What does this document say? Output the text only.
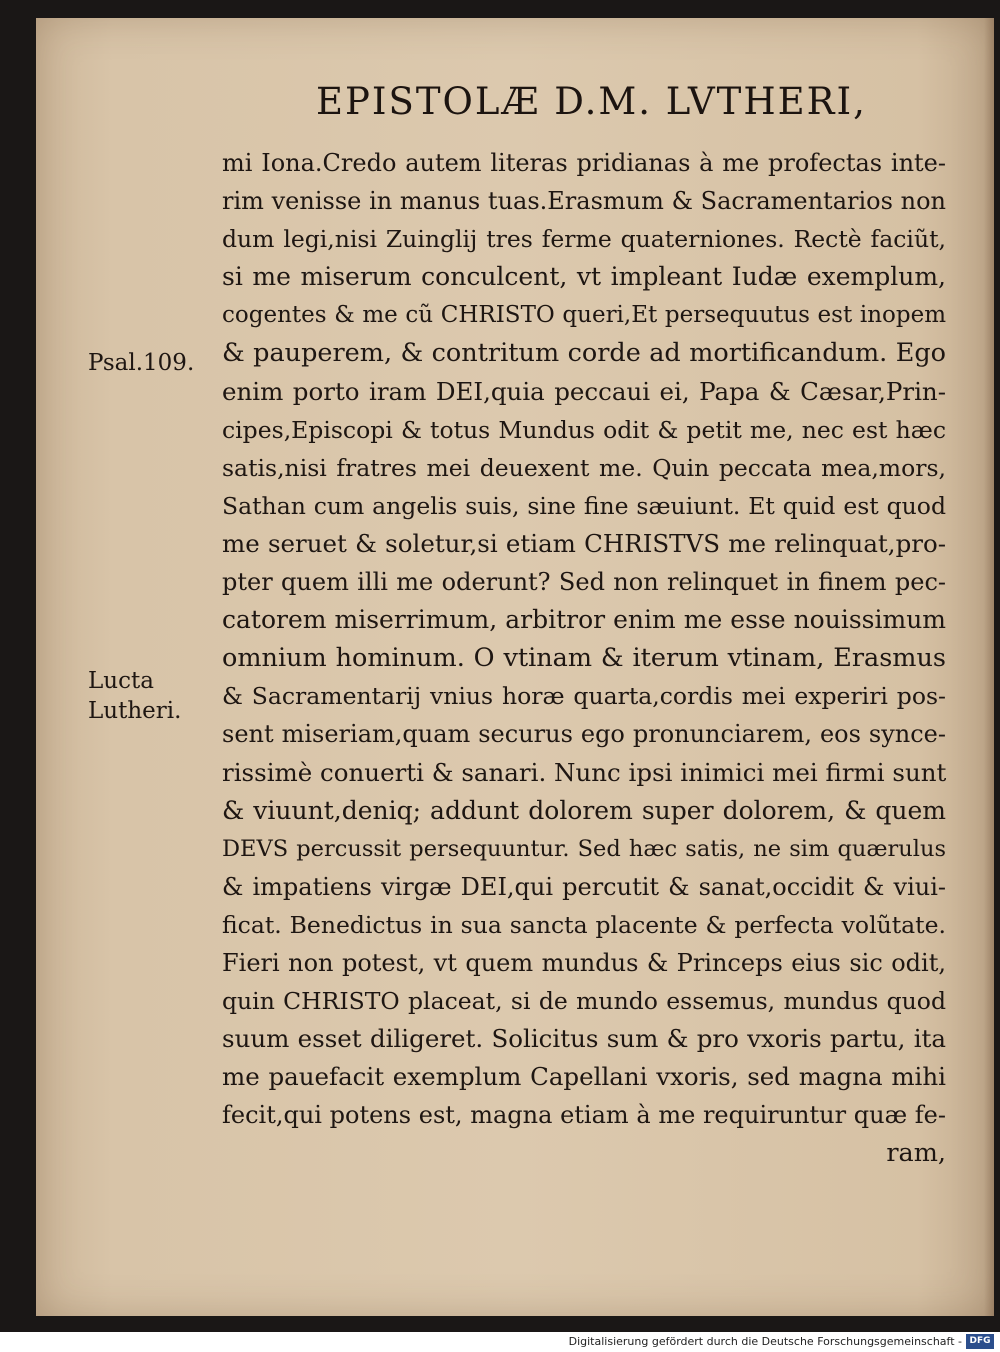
EPISTOLÆ D.M. LVTHERI,
Psal.109.
Lucta Lutheri.
mi Iona.Credo autem literas pridianas à me profectas inte-
rim venisse in manus tuas.Erasmum & Sacramentarios non
dum legi,nisi Zuinglij tres ferme quaterniones. Rectè faciũt,
si me miserum conculcent, vt impleant Iudæ exemplum,
cogentes & me cũ CHRISTO queri,Et persequutus est inopem
& pauperem, & contritum corde ad mortificandum. Ego
enim porto iram DEI,quia peccaui ei, Papa & Cæsar,Prin-
cipes,Episcopi & totus Mundus odit & petit me, nec est hæc
satis,nisi fratres mei deuexent me. Quin peccata mea,mors,
Sathan cum angelis suis, sine fine sæuiunt. Et quid est quod
me seruet & soletur,si etiam CHRISTVS me relinquat,pro-
pter quem illi me oderunt? Sed non relinquet in finem pec-
catorem miserrimum, arbitror enim me esse nouissimum
omnium hominum. O vtinam & iterum vtinam, Erasmus
& Sacramentarij vnius horæ quarta,cordis mei experiri pos-
sent miseriam,quam securus ego pronunciarem, eos synce-
rissimè conuerti & sanari. Nunc ipsi inimici mei firmi sunt
& viuunt,deniq; addunt dolorem super dolorem, & quem
DEVS percussit persequuntur. Sed hæc satis, ne sim quærulus
& impatiens virgæ DEI,qui percutit & sanat,occidit & viui-
ficat. Benedictus in sua sancta placente & perfecta volũtate.
Fieri non potest, vt quem mundus & Princeps eius sic odit,
quin CHRISTO placeat, si de mundo essemus, mundus quod
suum esset diligeret. Solicitus sum & pro vxoris partu, ita
me pauefacit exemplum Capellani vxoris, sed magna mihi
fecit,qui potens est, magna etiam à me requiruntur quæ fe-
ram,
Digitalisierung gefördert durch die Deutsche Forschungsgemeinschaft - DFG
